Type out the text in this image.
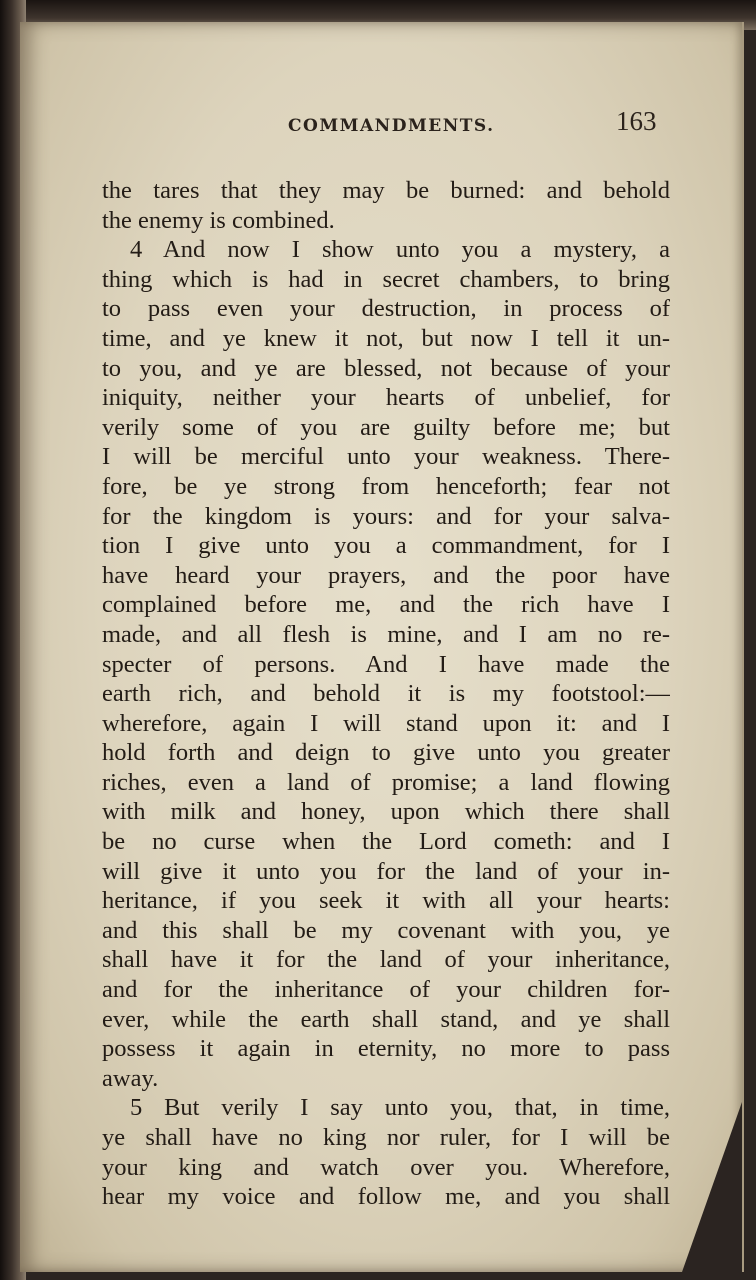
COMMANDMENTS.	163

the tares that they may be burned: and behold
the enemy is combined.
4 And now I show unto you a mystery, a
thing which is had in secret chambers, to bring
to pass even your destruction, in process of
time, and ye knew it not, but now I tell it un-
to you, and ye are blessed, not because of your
iniquity, neither your hearts of unbelief, for
verily some of you are guilty before me; but
I will be merciful unto your weakness. There-
fore, be ye strong from henceforth; fear not
for the kingdom is yours: and for your salva-
tion I give unto you a commandment, for I
have heard your prayers, and the poor have
complained before me, and the rich have I
made, and all flesh is mine, and I am no re-
specter of persons. And I have made the
earth rich, and behold it is my footstool:—
wherefore, again I will stand upon it: and I
hold forth and deign to give unto you greater
riches, even a land of promise; a land flowing
with milk and honey, upon which there shall
be no curse when the Lord cometh: and I
will give it unto you for the land of your in-
heritance, if you seek it with all your hearts:
and this shall be my covenant with you, ye
shall have it for the land of your inheritance,
and for the inheritance of your children for-
ever, while the earth shall stand, and ye shall
possess it again in eternity, no more to pass
away.
5 But verily I say unto you, that, in time,
ye shall have no king nor ruler, for I will be
your king and watch over you. Wherefore,
hear my voice and follow me, and you shall
